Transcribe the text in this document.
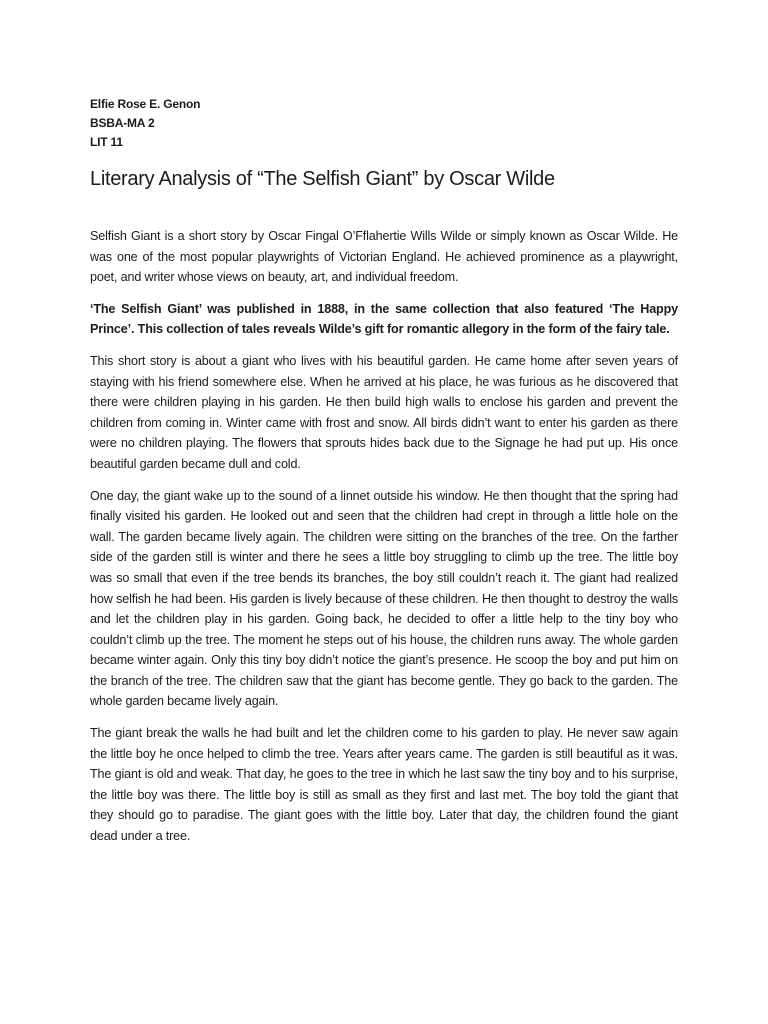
Elfie Rose E. Genon
BSBA-MA 2
LIT 11
Literary Analysis of “The Selfish Giant” by Oscar Wilde

Selfish Giant is a short story by Oscar Fingal O’Fflahertie Wills Wilde or simply known as Oscar Wilde. He was one of the most popular playwrights of Victorian England. He achieved prominence as a playwright, poet, and writer whose views on beauty, art, and individual freedom.

‘The Selfish Giant’ was published in 1888, in the same collection that also featured ‘The Happy Prince’. This collection of tales reveals Wilde’s gift for romantic allegory in the form of the fairy tale.

This short story is about a giant who lives with his beautiful garden. He came home after seven years of staying with his friend somewhere else. When he arrived at his place, he was furious as he discovered that there were children playing in his garden. He then build high walls to enclose his garden and prevent the children from coming in. Winter came with frost and snow. All birds didn’t want to enter his garden as there were no children playing. The flowers that sprouts hides back due to the Signage he had put up. His once beautiful garden became dull and cold.

One day, the giant wake up to the sound of a linnet outside his window. He then thought that the spring had finally visited his garden. He looked out and seen that the children had crept in through a little hole on the wall. The garden became lively again. The children were sitting on the branches of the tree. On the farther side of the garden still is winter and there he sees a little boy struggling to climb up the tree. The little boy was so small that even if the tree bends its branches, the boy still couldn’t reach it. The giant had realized how selfish he had been. His garden is lively because of these children. He then thought to destroy the walls and let the children play in his garden. Going back, he decided to offer a little help to the tiny boy who couldn’t climb up the tree. The moment he steps out of his house, the children runs away. The whole garden became winter again. Only this tiny boy didn’t notice the giant’s presence. He scoop the boy and put him on the branch of the tree. The children saw that the giant has become gentle. They go back to the garden. The whole garden became lively again.

The giant break the walls he had built and let the children come to his garden to play. He never saw again the little boy he once helped to climb the tree. Years after years came. The garden is still beautiful as it was. The giant is old and weak. That day, he goes to the tree in which he last saw the tiny boy and to his surprise, the little boy was there. The little boy is still as small as they first and last met. The boy told the giant that they should go to paradise. The giant goes with the little boy. Later that day, the children found the giant dead under a tree.
